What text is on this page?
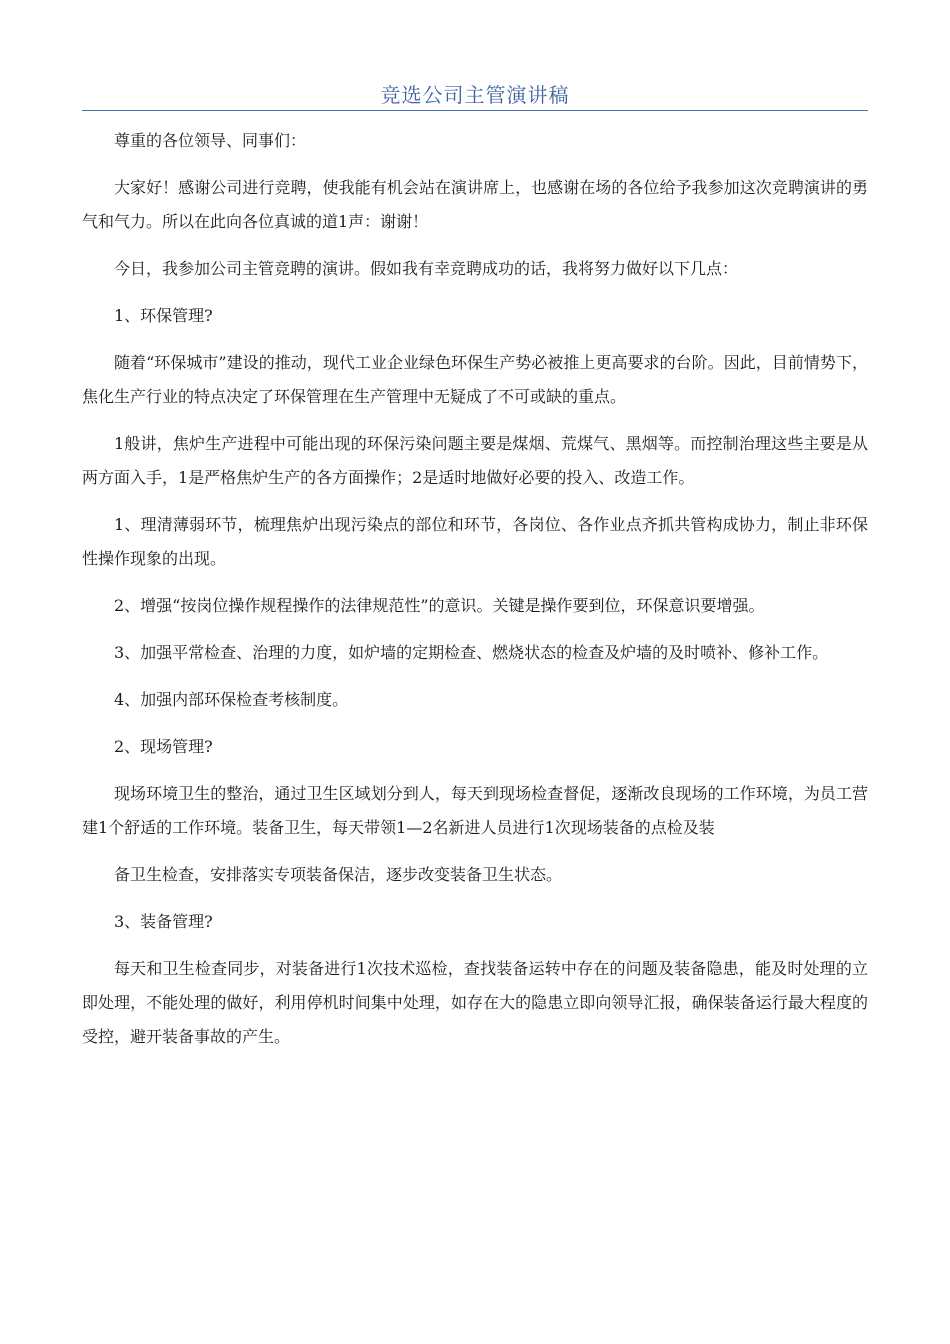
竞选公司主管演讲稿

尊重的各位领导、同事们：

大家好！感谢公司进行竞聘，使我能有机会站在演讲席上，也感谢在场的各位给予我参加这次竞聘演讲的勇气和气力。所以在此向各位真诚的道1声：谢谢！

今日，我参加公司主管竞聘的演讲。假如我有幸竞聘成功的话，我将努力做好以下几点：

1、环保管理?

随着“环保城市”建设的推动，现代工业企业绿色环保生产势必被推上更高要求的台阶。因此，目前情势下，焦化生产行业的特点决定了环保管理在生产管理中无疑成了不可或缺的重点。

1般讲，焦炉生产进程中可能出现的环保污染问题主要是煤烟、荒煤气、黑烟等。而控制治理这些主要是从两方面入手，1是严格焦炉生产的各方面操作；2是适时地做好必要的投入、改造工作。

1、理清薄弱环节，梳理焦炉出现污染点的部位和环节，各岗位、各作业点齐抓共管构成协力，制止非环保性操作现象的出现。

2、增强“按岗位操作规程操作的法律规范性”的意识。关键是操作要到位，环保意识要增强。

3、加强平常检查、治理的力度，如炉墙的定期检查、燃烧状态的检查及炉墙的及时喷补、修补工作。

4、加强内部环保检查考核制度。

2、现场管理?

现场环境卫生的整治，通过卫生区域划分到人，每天到现场检查督促，逐渐改良现场的工作环境，为员工营建1个舒适的工作环境。装备卫生，每天带领1—2名新进人员进行1次现场装备的点检及装

备卫生检查，安排落实专项装备保洁，逐步改变装备卫生状态。

3、装备管理?

每天和卫生检查同步，对装备进行1次技术巡检，查找装备运转中存在的问题及装备隐患，能及时处理的立即处理，不能处理的做好，利用停机时间集中处理，如存在大的隐患立即向领导汇报，确保装备运行最大程度的受控，避开装备事故的产生。
